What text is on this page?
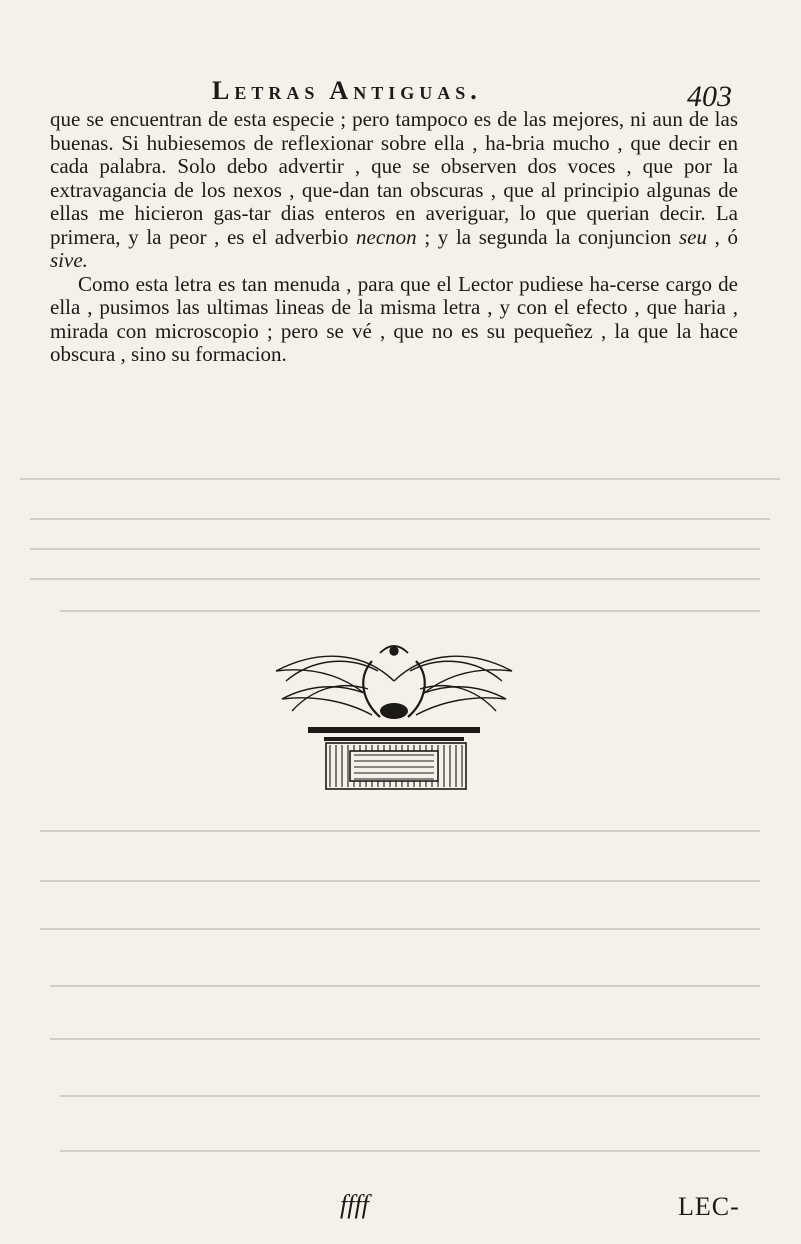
Letras Antiguas.	403

que se encuentran de esta especie ; pero tampoco es de las mejores, ni aun de las buenas. Si hubiesemos de reflexionar sobre ella , ha-bria mucho , que decir en cada palabra. Solo debo advertir , que se observen dos voces , que por la extravagancia de los nexos , que-dan tan obscuras , que al principio algunas de ellas me hicieron gas-tar dias enteros en averiguar, lo que querian decir. La primera, y la peor , es el adverbio necnon ; y la segunda la conjuncion seu , ó sive.

Como esta letra es tan menuda , para que el Lector pudiese ha-cerse cargo de ella , pusimos las ultimas lineas de la misma letra , y con el efecto , que haria , mirada con microscopio ; pero se vé , que no es su pequeñez , la que la hace obscura , sino su formacion.

ffff	LEC-
